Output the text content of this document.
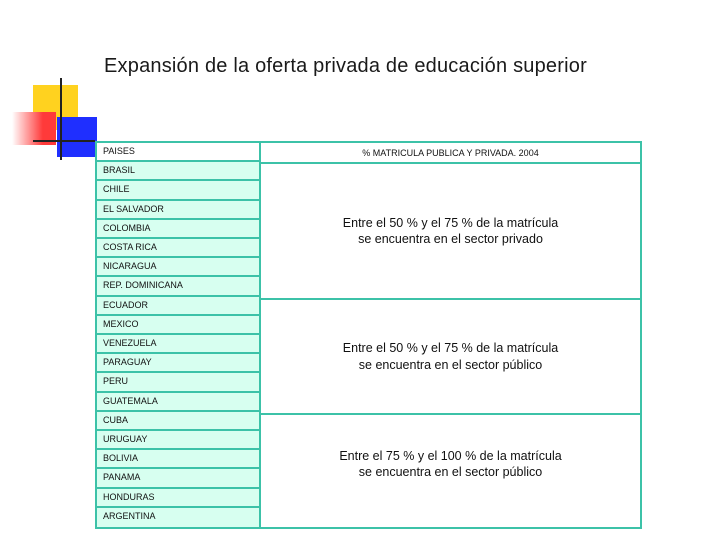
Expansión de la oferta privada de educación superior
PAISES
BRASIL
CHILE
EL SALVADOR
COLOMBIA
COSTA RICA
NICARAGUA
REP. DOMINICANA
ECUADOR
MEXICO
VENEZUELA
PARAGUAY
PERU
GUATEMALA
CUBA
URUGUAY
BOLIVIA
PANAMA
HONDURAS
ARGENTINA
% MATRICULA PUBLICA Y PRIVADA. 2004
Entre el 50 % y el 75 % de la matrícula
se encuentra en el sector privado
Entre el 50 % y el 75 % de la matrícula
se encuentra en el sector público
Entre el 75 % y el 100 % de la matrícula
se encuentra en el sector público
